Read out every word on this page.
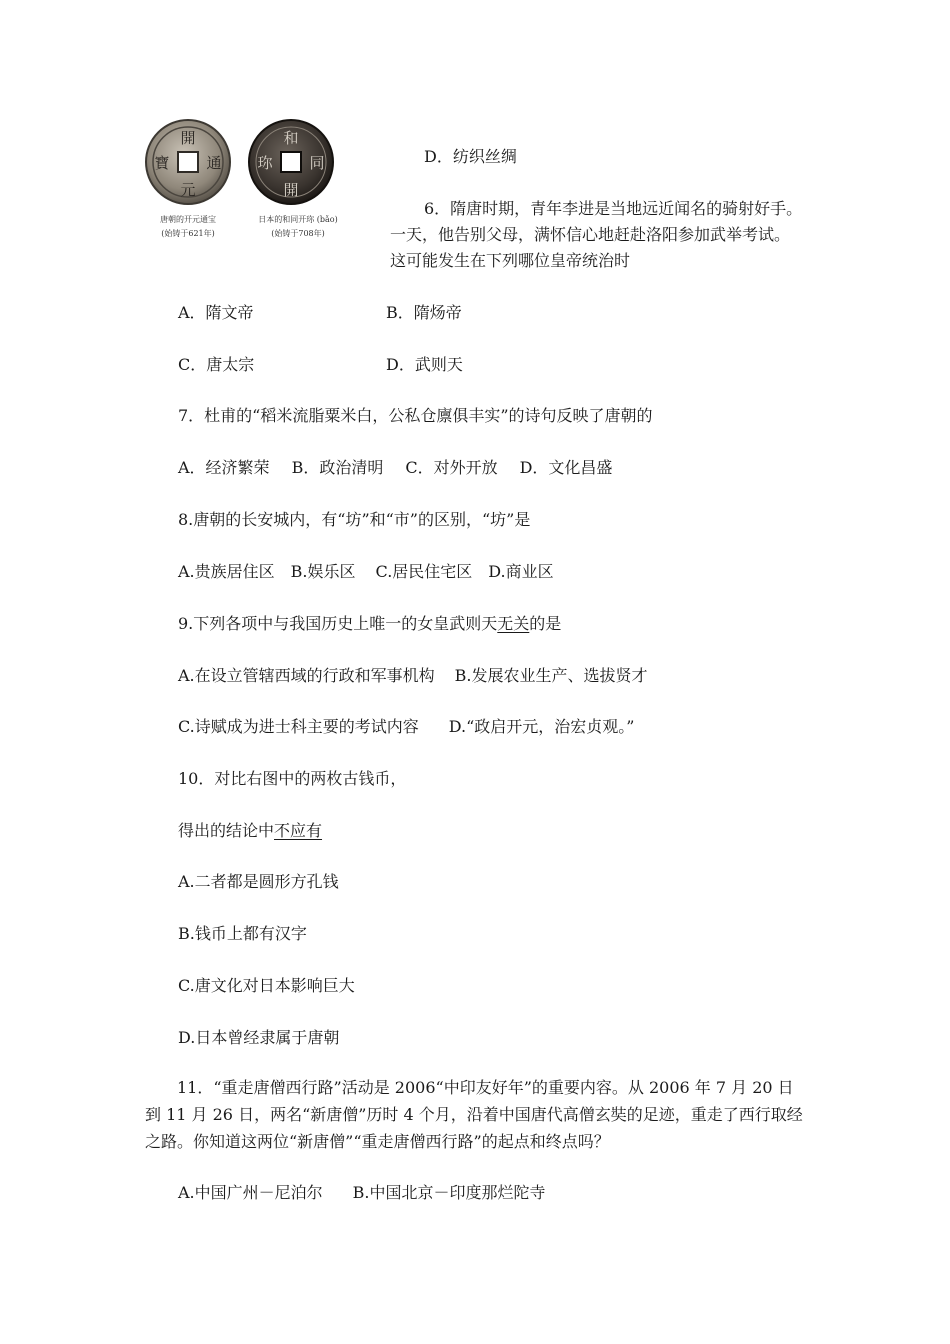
開
通
元
寶
和
同
開
珎
唐朝的开元通宝
(始铸于621年)
日本的和同开珎 (bǎo)
(始铸于708年)
D．纺织丝绸
6．隋唐时期，青年李进是当地远近闻名的骑射好手。
一天，他告别父母，满怀信心地赶赴洛阳参加武举考试。
这可能发生在下列哪位皇帝统治时
A．隋文帝	B．隋炀帝
C．唐太宗	D．武则天
7．杜甫的“稻米流脂粟米白，公私仓廪俱丰实”的诗句反映了唐朝的
A．经济繁荣 B．政治清明 C．对外开放 D．文化昌盛
8.唐朝的长安城内，有“坊”和“市”的区别，“坊”是
A.贵族居住区 B.娱乐区 C.居民住宅区 D.商业区
9.下列各项中与我国历史上唯一的女皇武则天无关的是
A.在设立管辖西域的行政和军事机构 B.发展农业生产、选拔贤才
C.诗赋成为进士科主要的考试内容 D.“政启开元，治宏贞观。”
10．对比右图中的两枚古钱币，
得出的结论中不应有
A.二者都是圆形方孔钱
B.钱币上都有汉字
C.唐文化对日本影响巨大
D.日本曾经隶属于唐朝
11．“重走唐僧西行路”活动是 2006“中印友好年”的重要内容。从 2006 年 7 月 20 日到 11 月 26 日，两名“新唐僧”历时 4 个月，沿着中国唐代高僧玄奘的足迹，重走了西行取经之路。你知道这两位“新唐僧”“重走唐僧西行路”的起点和终点吗？
A.中国广州－尼泊尔 B.中国北京－印度那烂陀寺
